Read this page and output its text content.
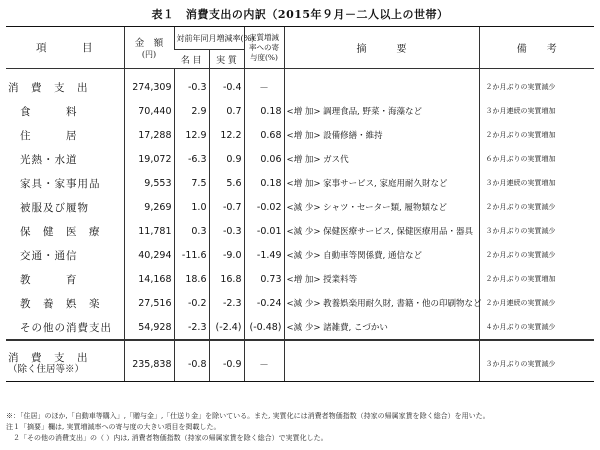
表１　消費支出の内訳（2015年９月－二人以上の世帯）
項　　　目	金　額
(円)	対前年同月増減率(%)		実質増減率への寄与度(%)	摘　　　要	備　　考
		名 目	実 質			
消　費　支　出	274,309	-0.3	-0.4	－		２か月ぶりの実質減少
食　　　料	70,440	2.9	0.7	0.18	<増 加> 調理食品, 野菜・海藻など	３か月連続の実質増加
住　　　居	17,288	12.9	12.2	0.68	<増 加> 設備修繕・維持	２か月ぶりの実質増加
光熱・水道	19,072	-6.3	0.9	0.06	<増 加> ガス代	６か月ぶりの実質増加
家具・家事用品	9,553	7.5	5.6	0.18	<増 加> 家事サービス, 家庭用耐久財など	３か月連続の実質増加
被服及び履物	9,269	1.0	-0.7	-0.02	<減 少> シャツ・セーター類, 履物類など	２か月ぶりの実質減少
保　健　医　療	11,781	0.3	-0.3	-0.01	<減 少> 保健医療サービス, 保健医療用品・器具	３か月ぶりの実質減少
交通・通信	40,294	-11.6	-9.0	-1.49	<減 少> 自動車等関係費, 通信など	２か月ぶりの実質減少
教　　　育	14,168	18.6	16.8	0.73	<増 加> 授業料等	２か月ぶりの実質増加
教　養　娯　楽	27,516	-0.2	-2.3	-0.24	<減 少> 教養娯楽用耐久財, 書籍・他の印刷物など	２か月連続の実質減少
その他の消費支出	54,928	-2.3	(-2.4)	(-0.48)	<減 少> 諸雑費, こづかい	４か月ぶりの実質減少

消　費　支　出
（除く住居等※）	235,838	-0.8	-0.9	－		３か月ぶりの実質減少
※：「住居」のほか,「自動車等購入」,「贈与金」,「仕送り金」を除いている。また, 実質化には消費者物価指数（持家の帰属家賃を除く総合）を用いた。
注１「摘要」欄は, 実質増減率への寄与度の大きい項目を掲載した。
　２「その他の消費支出」の（ ）内は, 消費者物価指数（持家の帰属家賃を除く総合）で実質化した。
